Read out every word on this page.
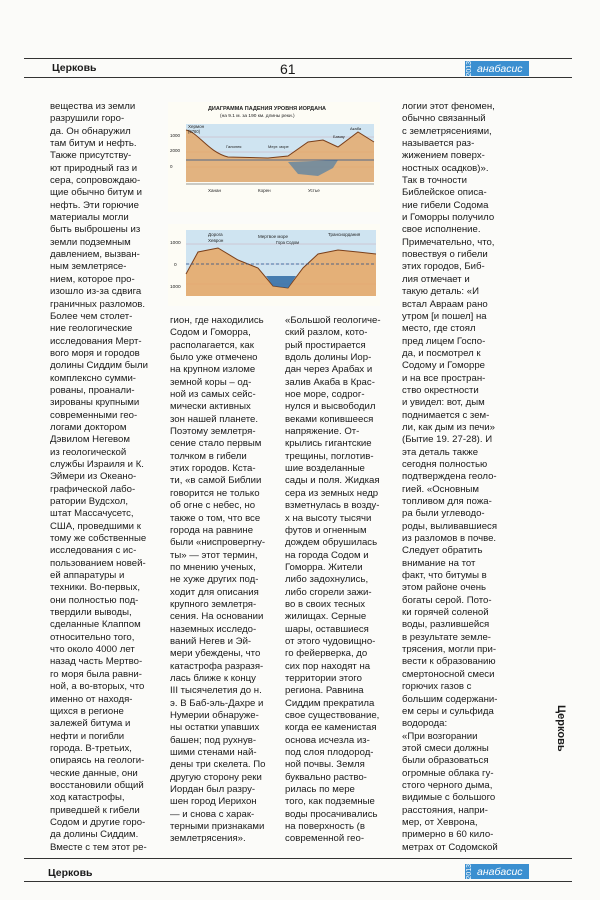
Церковь	61	2013 анабасис
вещества из земли
разрушили горо-
да. Он обнаружил
там битум и нефть.
Также присутству-
ют природный газ и
сера, сопровождаю-
щие обычно битум и
нефть. Эти горючие
материалы могли
быть выброшены из
земли подземным
давлением, вызван-
ным землетрясе-
нием, которое про-
изошло из-за сдвига
граничных разломов.
Более чем столет-
ние геологические
исследования Мерт-
вого моря и городов
долины Сиддим были
комплексно сумми-
рованы, проанали-
зированы крупными
современными гео-
логами доктором
Дэвилом Негевом
из геологической
службы Израиля и К.
Эймери из Океано-
графической лабо-
ратории Вудсхол,
штат Массачусетс,
США, проведшими к
тому же собственные
исследования с ис-
пользованием новей-
ей аппаратуры и
техники. Во-первых,
они полностью под-
твердили выводы,
сделанные Клаппом
относительно того,
что около 4000 лет
назад часть Мертво-
го моря была равни-
ной, а во-вторых, что
именно от находя-
щихся в регионе
залежей битума и
нефти и погибли
города. В-третьих,
опираясь на геологи-
ческие данные, они
восстановили общий
ход катастрофы,
приведшей к гибели
Содом и другие горо-
да долины Сиддим.
Вместе с тем этот ре-
ДИАГРАММА ПАДЕНИЯ УРОВНЯ ИОРДАНА
(на 9.1 м. за 190 км. длины реки.)
Хермон
(9760)
1000
2000
0
Галилея	Мерт. море
Акаба
Бамау
Ханан	Корен	Устье
1000
0
1000
Дорога
Хеврон
Мертвое море
Гора Содом
Трансиордания
гион, где находились
Содом и Гоморра,
располагается, как
было уже отмечено
на крупном изломе
земной коры – од-
ной из самых сейс-
мически активных
зон нашей планете.
Поэтому землетря-
сение стало первым
толчком в гибели
этих городов. Кста-
ти, «в самой Библии
говорится не только
об огне с небес, но
также о том, что все
города на равнине
были «ниспровергну-
ты» — этот термин,
по мнению ученых,
не хуже других под-
ходит для описания
крупного землетря-
сения. На основании
наземных исследо-
ваний Негев и Эй-
мери убеждены, что
катастрофа разразя-
лась ближе к концу
III тысячелетия до н.
э. В Баб-эль-Дахре и
Нумерии обнаруже-
ны остатки упавших
башен; под рухнув-
шими стенами най-
дены три скелета. По
другую сторону реки
Иордан был разру-
шен город Иерихон
— и снова с харак-
терными признаками
землетрясения».
«Большой геологиче-
ский разлом, кото-
рый простирается
вдоль долины Иор-
дан через Арабах и
залив Акаба в Крас-
ное море, содрог-
нулся и высвободил
веками копившееся
напряжение. От-
крылись гигантские
трещины, поглотив-
шие возделанные
сады и поля. Жидкая
сера из земных недр
взметнулась в возду-
х на высоту тысячи
футов и огненным
дождем обрушилась
на города Содом и
Гоморра. Жители
либо задохнулись,
либо сгорели зажи-
во в своих тесных
жилищах. Серные
шары, оставшиеся
от этого чудовищно-
го фейерверка, до
сих пор находят на
территории этого
региона. Равнина
Сиддим прекратила
свое существование,
когда ее каменистая
основа исчезла из-
под слоя плодород-
ной почвы. Земля
буквально раство-
рилась по мере
того, как подземные
воды просачивались
на поверхность (в
современной гео-
логии этот феномен,
обычно связанный
с землетрясениями,
называется раз-
жижением поверх-
ностных осадков)».
Так в точности
Библейское описа-
ние гибели Содома
и Гоморры получило
свое исполнение.
Примечательно, что,
повествуя о гибели
этих городов, Биб-
лия отмечает и
такую деталь: «И
встал Авраам рано
утром [и пошел] на
место, где стоял
пред лицем Госпо-
да, и посмотрел к
Содому и Гоморре
и на все простран-
ство окрестности
и увидел: вот, дым
поднимается с зем-
ли, как дым из печи»
(Бытие 19. 27-28). И
эта деталь также
сегодня полностью
подтверждена геоло-
гией. «Основным
топливом для пожа-
ра были углеводо-
роды, выливавшиеся
из разломов в почве.
Следует обратить
внимание на тот
факт, что битумы в
этом районе очень
богаты серой. Пото-
ки горячей соленой
воды, разлившейся
в результате земле-
трясения, могли при-
вести к образованию
смертоносной смеси
горючих газов с
большим содержани-
ем серы и сульфида
водорода:
«При возгорании
этой смеси должны
были образоваться
огромные облака гу-
стого черного дыма,
видимые с большого
расстояния, напри-
мер, от Хеврона,
примерно в 60 кило-
метрах от Содомской
Церковь
Церковь	2013 анабасис
